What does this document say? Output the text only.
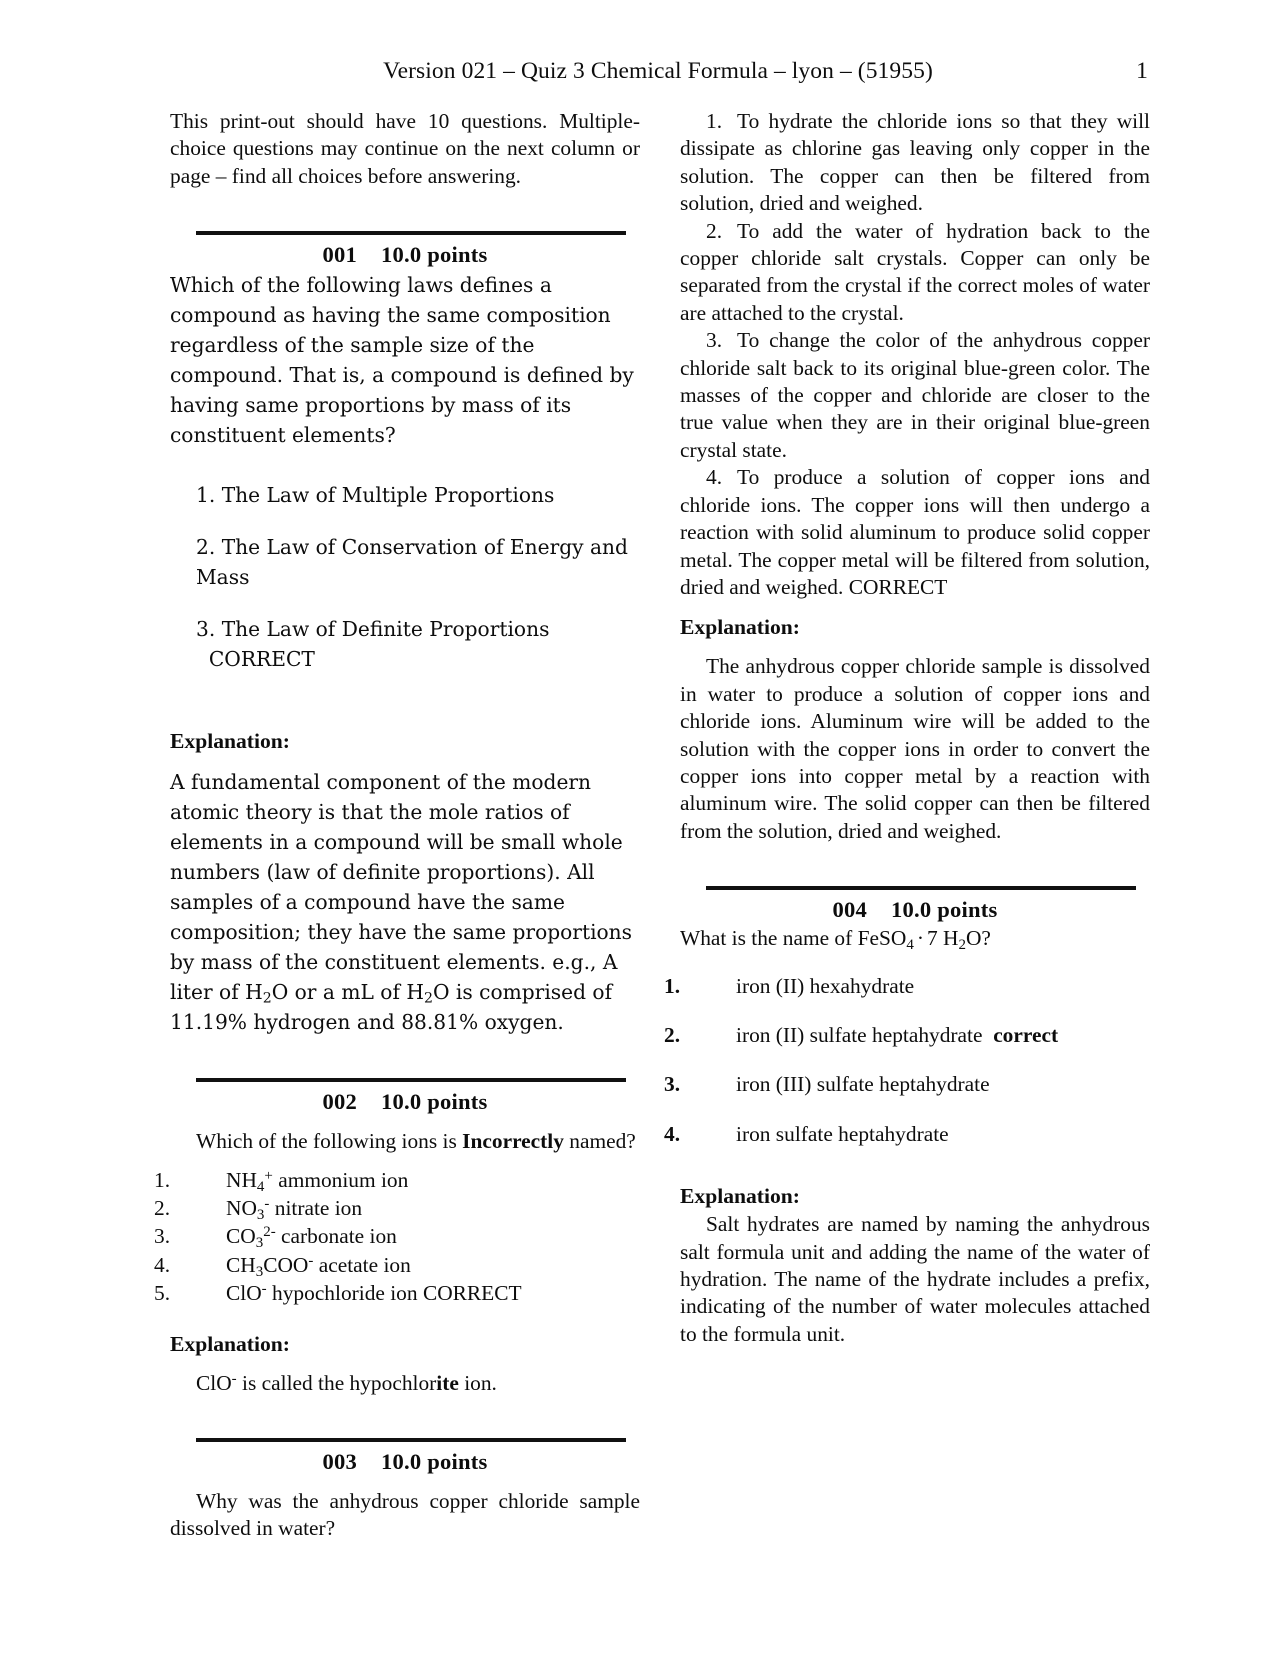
Version 021 – Quiz 3 Chemical Formula – lyon – (51955)	1

This print-out should have 10 questions. Multiple-choice questions may continue on the next column or page – find all choices before answering.

001 10.0 points

Which of the following laws defines a compound as having the same composition regardless of the sample size of the compound. That is, a compound is defined by having same proportions by mass of its constituent elements?

1. The Law of Multiple Proportions
2. The Law of Conservation of Energy and Mass
3. The Law of Definite Proportions   CORRECT
Explanation:

A fundamental component of the modern atomic theory is that the mole ratios of elements in a compound will be small whole numbers (law of definite proportions). All samples of a compound have the same composition; they have the same proportions by mass of the constituent elements. e.g., A liter of $H_2O$ or a mL of $H_2O$ is comprised of 11.19% hydrogen and 88.81% oxygen.

002 10.0 points

Which of the following ions is Incorrectly named?

1.	$NH_4^+$ ammonium ion
2.	$NO_3^-$ nitrate ion
3.	$CO_3^{2-}$ carbonate ion
4.	$CH_3COO^-$ acetate ion
5.	ClO- hypochloride ion CORRECT
Explanation:

ClO- is called the hypochlorite ion.

003 10.0 points

Why was the anhydrous copper chloride sample dissolved in water?

1. To hydrate the chloride ions so that they will dissipate as chlorine gas leaving only copper in the solution. The copper can then be filtered from solution, dried and weighed.
2. To add the water of hydration back to the copper chloride salt crystals. Copper can only be separated from the crystal if the correct moles of water are attached to the crystal.
3. To change the color of the anhydrous copper chloride salt back to its original blue-green color. The masses of the copper and chloride are closer to the true value when they are in their original blue-green crystal state.
4. To produce a solution of copper ions and chloride ions. The copper ions will then undergo a reaction with solid aluminum to produce solid copper metal. The copper metal will be filtered from solution, dried and weighed. CORRECT
Explanation:

The anhydrous copper chloride sample is dissolved in water to produce a solution of copper ions and chloride ions. Aluminum wire will be added to the solution with the copper ions in order to convert the copper ions into copper metal by a reaction with aluminum wire. The solid copper can then be filtered from the solution, dried and weighed.

004 10.0 points

What is the name of FeSO$_4$ · 7 $H_2O$?

1.	iron (II) hexahydrate
2.	iron (II) sulfate heptahydrate correct
3.	iron (III) sulfate heptahydrate
4.	iron sulfate heptahydrate
Explanation:

Salt hydrates are named by naming the anhydrous salt formula unit and adding the name of the water of hydration. The name of the hydrate includes a prefix, indicating of the number of water molecules attached to the formula unit.
